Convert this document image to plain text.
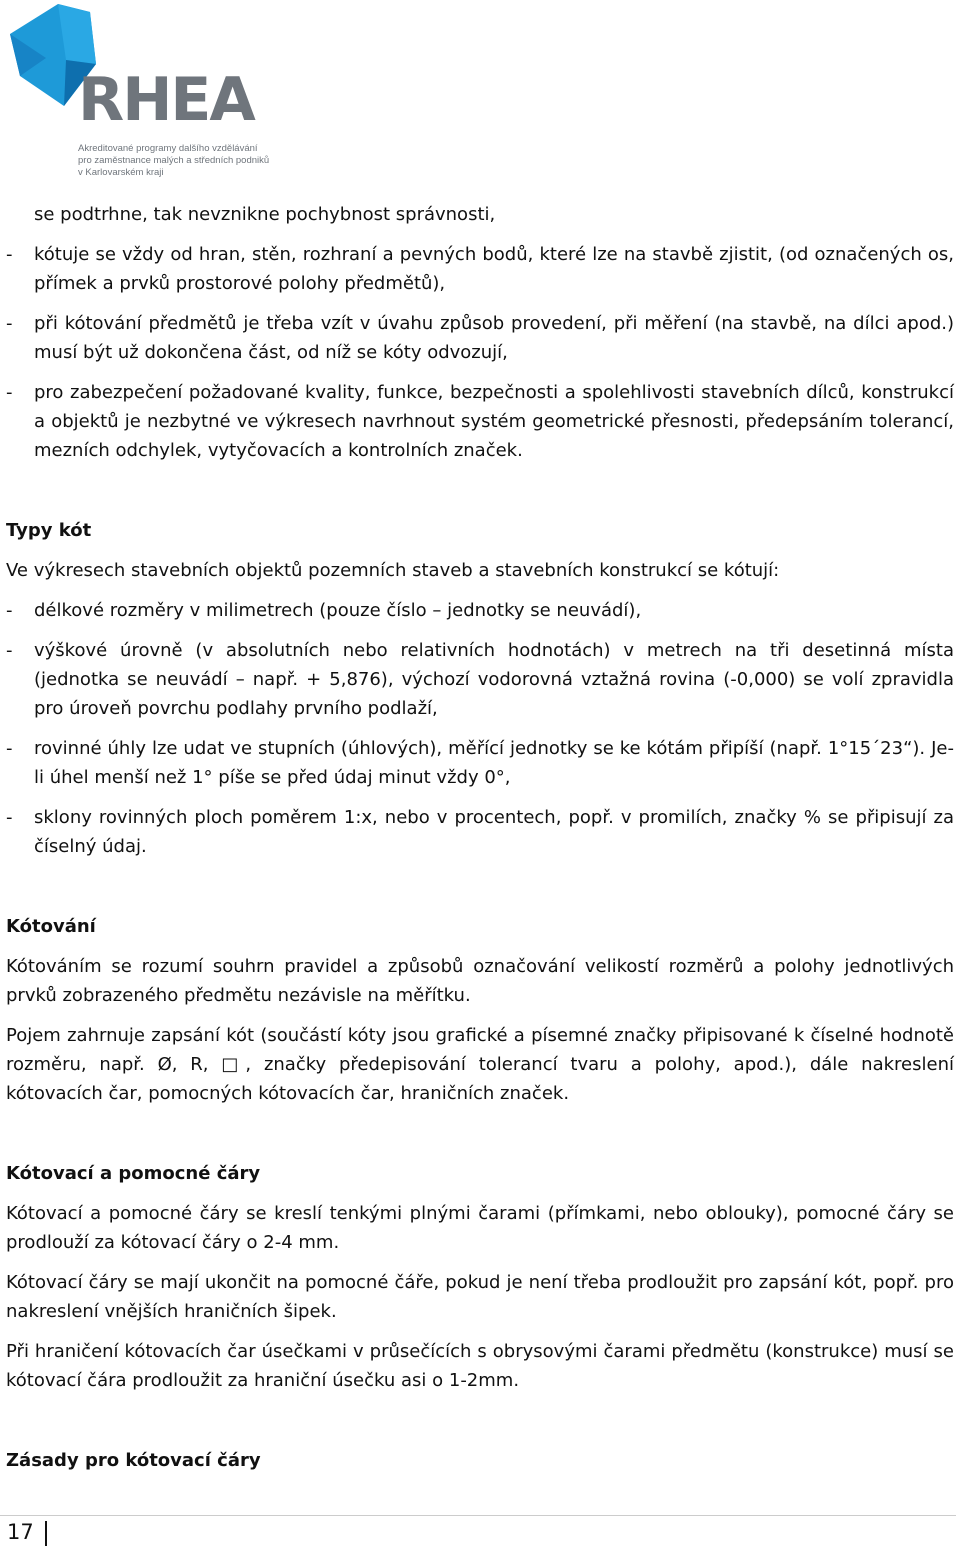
RHEA
Akreditované programy dalšího vzdělávání
pro zaměstnance malých a středních podniků
v Karlovarském kraji
se podtrhne, tak nevznikne pochybnost správnosti,
-	kótuje se vždy od hran, stěn, rozhraní a pevných bodů, které lze na stavbě zjistit, (od označených os, přímek a prvků prostorové polohy předmětů),
-	při kótování předmětů je třeba vzít v úvahu způsob provedení, při měření (na stavbě, na dílci apod.) musí být už dokončena část, od níž se kóty odvozují,
-	pro zabezpečení požadované kvality, funkce, bezpečnosti a spolehlivosti stavebních dílců, konstrukcí a objektů je nezbytné ve výkresech navrhnout systém geometrické přesnosti, předepsáním tolerancí, mezních odchylek, vytyčovacích a kontrolních značek.
Typy kót
Ve výkresech stavebních objektů pozemních staveb a stavebních konstrukcí se kótují:
-	délkové rozměry v milimetrech (pouze číslo – jednotky se neuvádí),
-	výškové úrovně (v absolutních nebo relativních hodnotách) v metrech na tři desetinná místa (jednotka se neuvádí – např. + 5,876), výchozí vodorovná vztažná rovina (-0,000) se volí zpravidla pro úroveň povrchu podlahy prvního podlaží,
-	rovinné úhly lze udat ve stupních (úhlových), měřící jednotky se ke kótám připíší (např. 1°15´23“). Je-li úhel menší než 1° píše se před údaj minut vždy 0°,
-	sklony rovinných ploch poměrem 1:x, nebo v procentech, popř. v promilích, značky % se připisují za číselný údaj.
Kótování
Kótováním se rozumí souhrn pravidel a způsobů označování velikostí rozměrů a polohy jednotlivých prvků zobrazeného předmětu nezávisle na měřítku.
Pojem zahrnuje zapsání kót (součástí kóty jsou grafické a písemné značky připisované k číselné hodnotě rozměru, např. Ø, R, □, značky předepisování tolerancí tvaru a polohy, apod.), dále nakreslení kótovacích čar, pomocných kótovacích čar, hraničních značek.
Kótovací a pomocné čáry
Kótovací a pomocné čáry se kreslí tenkými plnými čarami (přímkami, nebo oblouky), pomocné čáry se prodlouží za kótovací čáry o 2-4 mm.
Kótovací čáry se mají ukončit na pomocné čáře, pokud je není třeba prodloužit pro zapsání kót, popř. pro nakreslení vnějších hraničních šipek.
Při hraničení kótovacích čar úsečkami v průsečících s obrysovými čarami předmětu (konstrukce) musí se kótovací čára prodloužit za hraniční úsečku asi o 1-2mm.
Zásady pro kótovací čáry
17
